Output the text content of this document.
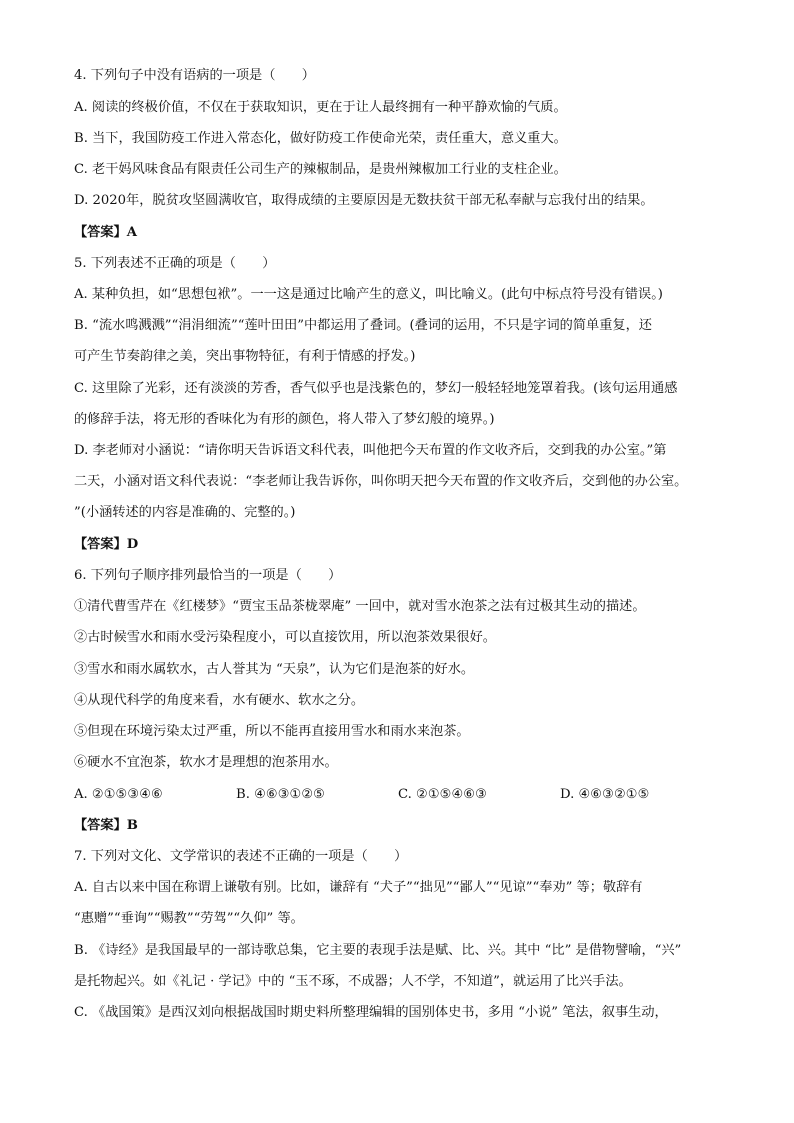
4. 下列句子中没有语病的一项是（　　）
A. 阅读的终极价值，不仅在于获取知识，更在于让人最终拥有一种平静欢愉的气质。
B. 当下，我国防疫工作进入常态化，做好防疫工作使命光荣，责任重大，意义重大。
C. 老干妈风味食品有限责任公司生产的辣椒制品，是贵州辣椒加工行业的支柱企业。
D. 2020年，脱贫攻坚圆满收官，取得成绩的主要原因是无数扶贫干部无私奉献与忘我付出的结果。
【答案】A
5. 下列表述不正确的项是（　　）
A. 某种负担，如“思想包袱”。一一这是通过比喻产生的意义，叫比喻义。(此句中标点符号没有错误。)
B. “流水鸣溅溅”“涓涓细流”“莲叶田田”中都运用了叠词。(叠词的运用，不只是字词的简单重复，还
可产生节奏韵律之美，突出事物特征，有利于情感的抒发。)
C. 这里除了光彩，还有淡淡的芳香，香气似乎也是浅紫色的，梦幻一般轻轻地笼罩着我。(该句运用通感
的修辞手法，将无形的香味化为有形的颜色，将人带入了梦幻般的境界。)
D. 李老师对小涵说：“请你明天告诉语文科代表，叫他把今天布置的作文收齐后，交到我的办公室。”第
二天，小涵对语文科代表说：“李老师让我告诉你，叫你明天把今天布置的作文收齐后，交到他的办公室。
”(小涵转述的内容是准确的、完整的。)
【答案】D
6. 下列句子顺序排列最恰当的一项是（　　）
①清代曹雪芹在《红楼梦》“贾宝玉品茶栊翠庵” 一回中，就对雪水泡茶之法有过极其生动的描述。
②古时候雪水和雨水受污染程度小，可以直接饮用，所以泡茶效果很好。
③雪水和雨水属软水，古人誉其为 “天泉”，认为它们是泡茶的好水。
④从现代科学的角度来看，水有硬水、软水之分。
⑤但现在环境污染太过严重，所以不能再直接用雪水和雨水来泡茶。
⑥硬水不宜泡茶，软水才是理想的泡茶用水。
A. ②①⑤③④⑥	B. ④⑥③①②⑤	C. ②①⑤④⑥③	D. ④⑥③②①⑤
【答案】B
7. 下列对文化、文学常识的表述不正确的一项是（　　）
A. 自古以来中国在称谓上谦敬有别。比如，谦辞有 “犬子”“拙见”“鄙人”“见谅”“奉劝” 等；敬辞有
“惠赠”“垂询”“赐教”“劳驾”“久仰” 等。
B. 《诗经》是我国最早的一部诗歌总集，它主要的表现手法是赋、比、兴。其中 “比” 是借物譬喻，“兴”
是托物起兴。如《礼记 · 学记》中的 “玉不琢，不成器；人不学，不知道”，就运用了比兴手法。
C. 《战国策》是西汉刘向根据战国时期史料所整理编辑的国别体史书，多用 “小说” 笔法，叙事生动，
